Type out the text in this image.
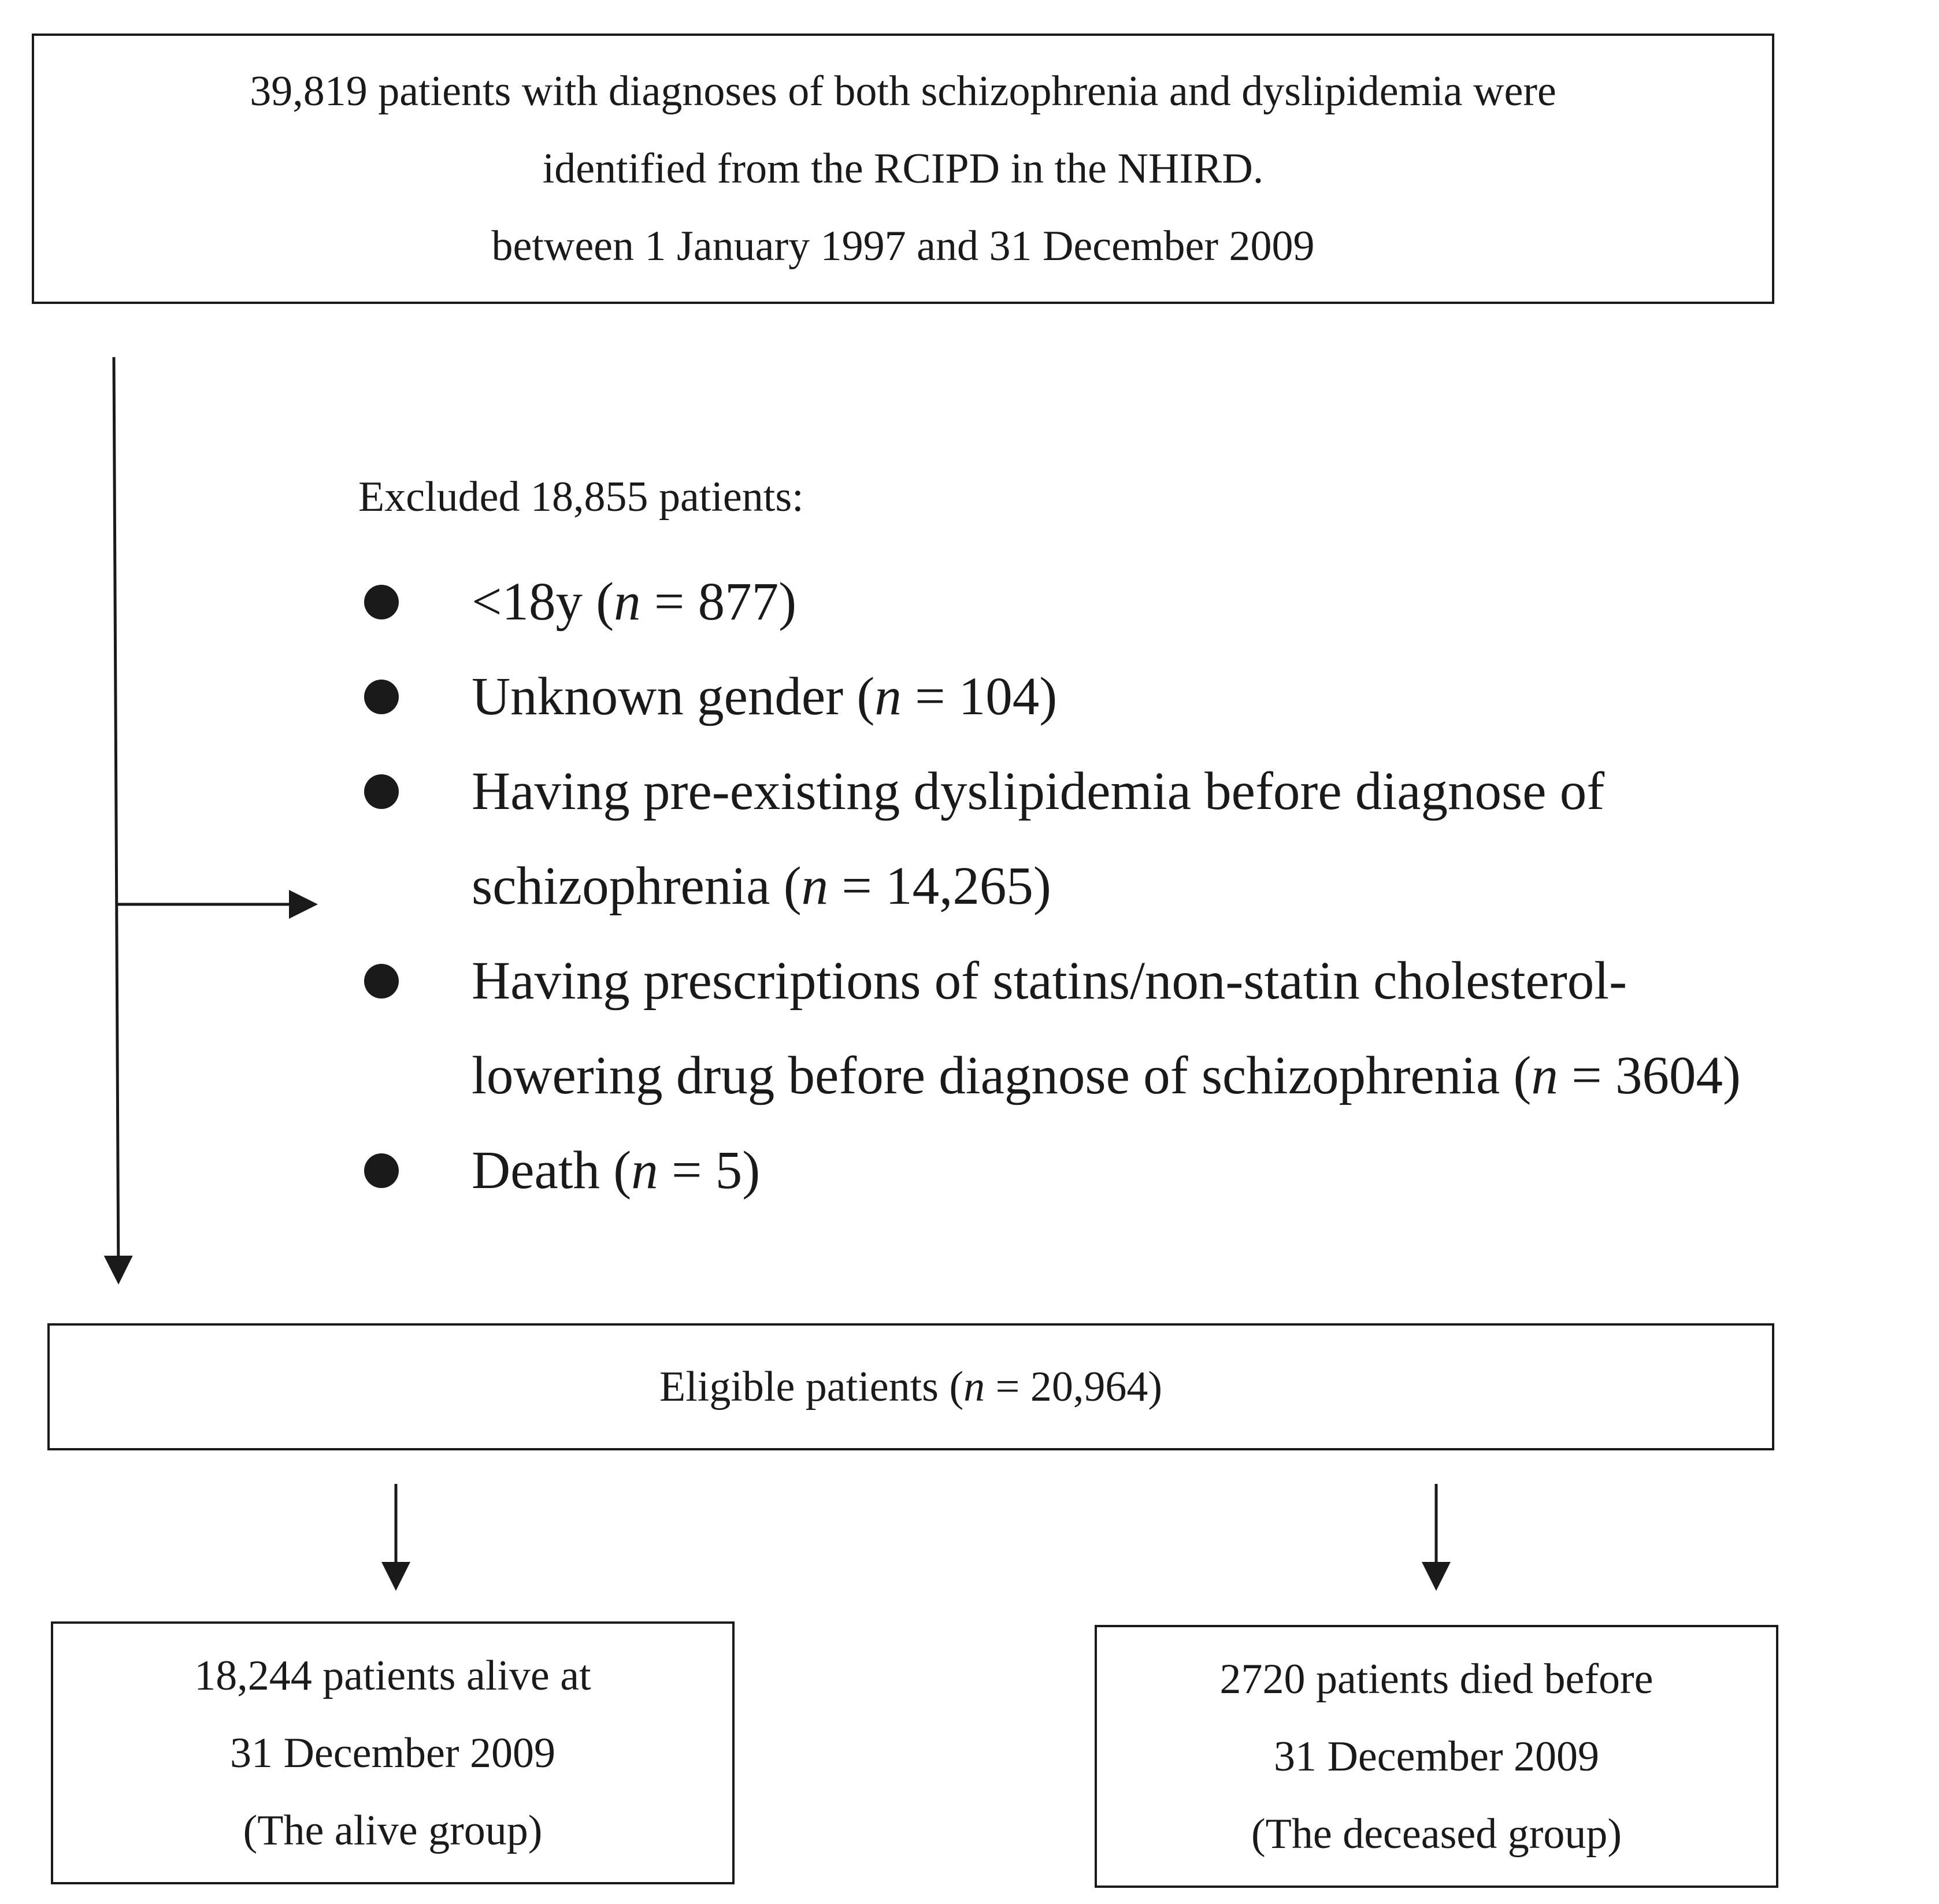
39,819 patients with diagnoses of both schizophrenia and dyslipidemia were
identified from the RCIPD in the NHIRD.
between 1 January 1997 and 31 December 2009
Excluded 18,855 patients:
<18y (n = 877)
Unknown gender (n = 104)
Having pre-existing dyslipidemia before diagnose of
schizophrenia (n = 14,265)
Having prescriptions of statins/non-statin cholesterol-
lowering drug before diagnose of schizophrenia (n = 3604)
Death (n = 5)
Eligible patients (n = 20,964)
18,244 patients alive at
31 December 2009
(The alive group)
2720 patients died before
31 December 2009
(The deceased group)
